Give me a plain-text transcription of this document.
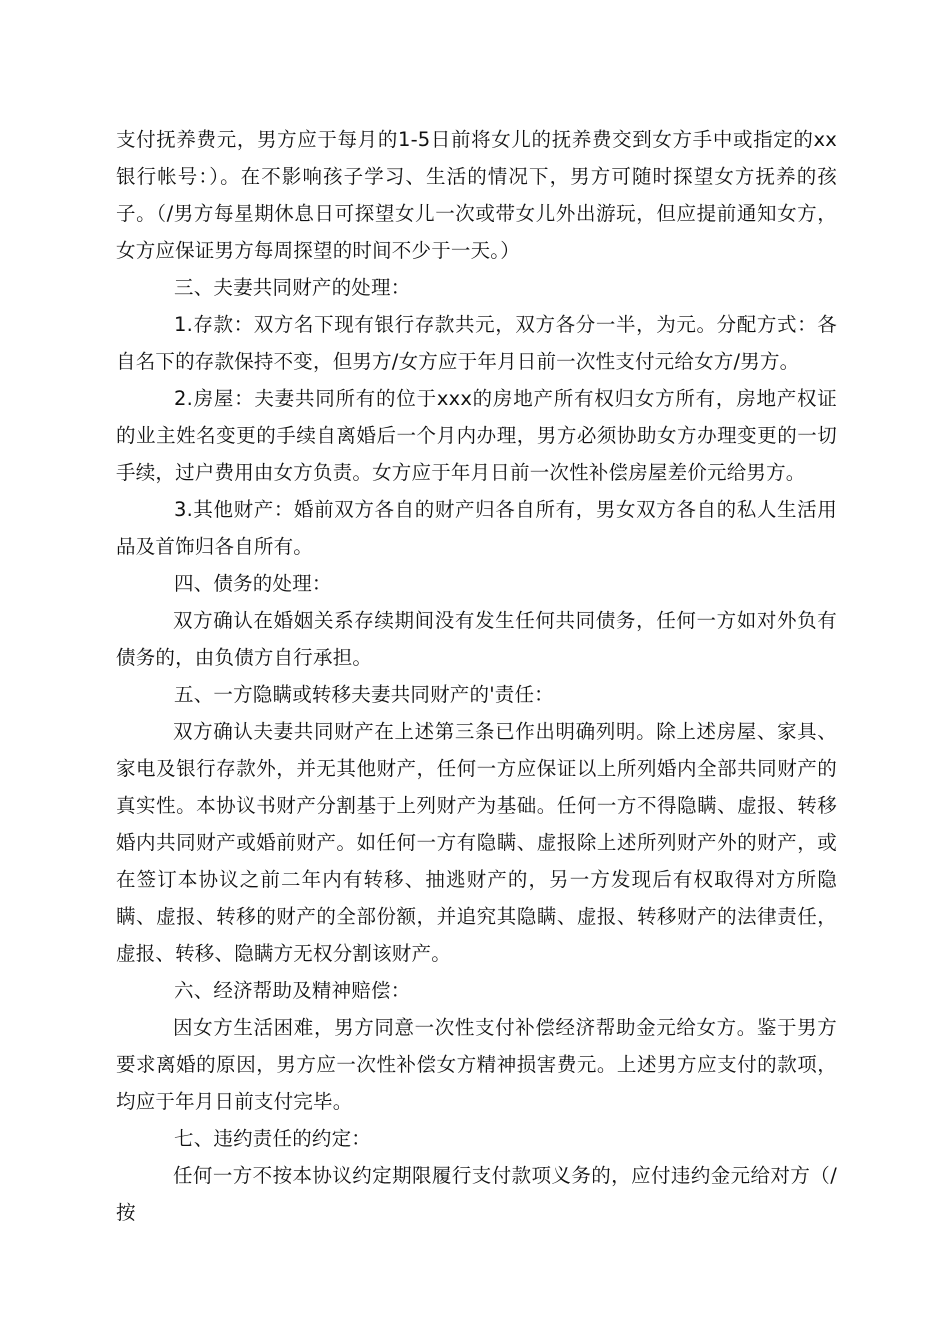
支付抚养费元，男方应于每月的1-5日前将女儿的抚养费交到女方手中或指定的xx银行帐号：）。在不影响孩子学习、生活的情况下，男方可随时探望女方抚养的孩子。（/男方每星期休息日可探望女儿一次或带女儿外出游玩，但应提前通知女方，女方应保证男方每周探望的时间不少于一天。）

三、夫妻共同财产的处理：

1.存款：双方名下现有银行存款共元，双方各分一半，为元。分配方式：各自名下的存款保持不变，但男方/女方应于年月日前一次性支付元给女方/男方。

2.房屋：夫妻共同所有的位于xxx的房地产所有权归女方所有，房地产权证的业主姓名变更的手续自离婚后一个月内办理，男方必须协助女方办理变更的一切手续，过户费用由女方负责。女方应于年月日前一次性补偿房屋差价元给男方。

3.其他财产：婚前双方各自的财产归各自所有，男女双方各自的私人生活用品及首饰归各自所有。

四、债务的处理：

双方确认在婚姻关系存续期间没有发生任何共同债务，任何一方如对外负有债务的，由负债方自行承担。

五、一方隐瞒或转移夫妻共同财产的'责任：

双方确认夫妻共同财产在上述第三条已作出明确列明。除上述房屋、家具、家电及银行存款外，并无其他财产，任何一方应保证以上所列婚内全部共同财产的真实性。本协议书财产分割基于上列财产为基础。任何一方不得隐瞒、虚报、转移婚内共同财产或婚前财产。如任何一方有隐瞒、虚报除上述所列财产外的财产，或在签订本协议之前二年内有转移、抽逃财产的，另一方发现后有权取得对方所隐瞒、虚报、转移的财产的全部份额，并追究其隐瞒、虚报、转移财产的法律责任，虚报、转移、隐瞒方无权分割该财产。

六、经济帮助及精神赔偿：

因女方生活困难，男方同意一次性支付补偿经济帮助金元给女方。鉴于男方要求离婚的原因，男方应一次性补偿女方精神损害费元。上述男方应支付的款项，均应于年月日前支付完毕。

七、违约责任的约定：

任何一方不按本协议约定期限履行支付款项义务的，应付违约金元给对方（/按
